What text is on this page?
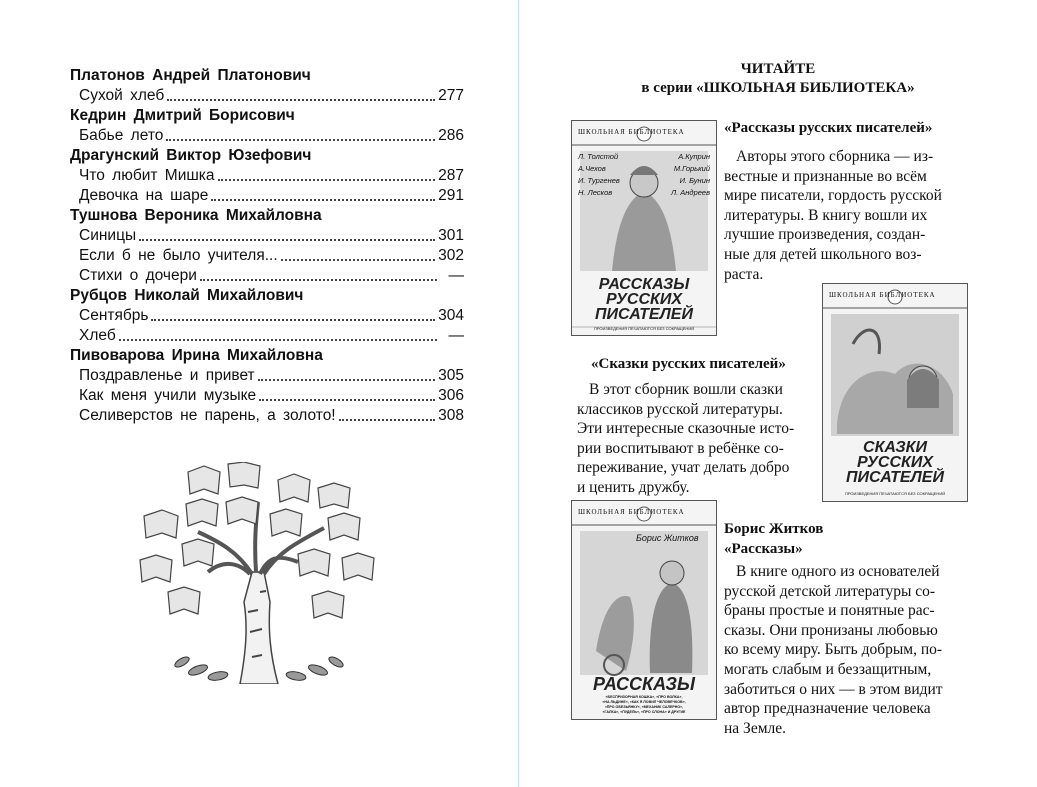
Платонов Андрей Платонович
Сухой хлеб	277
Кедрин Дмитрий Борисович
Бабье лето	286
Драгунский Виктор Юзефович
Что любит Мишка	287
Девочка на шаре	291
Тушнова Вероника Михайловна
Синицы	301
Если б не было учителя...	302
Стихи о дочери	—
Рубцов Николай Михайлович
Сентябрь	304
Хлеб	—
Пивоварова Ирина Михайловна
Поздравленье и привет	305
Как меня учили музыке	306
Селиверстов не парень, а золото!	308
ЧИТАЙТЕ
в серии «ШКОЛЬНАЯ БИБЛИОТЕКА»
ШКОЛЬНАЯ БИБЛИОТЕКА
Л. Толстой
А.Чехов
И. Тургенев
Н. Лесков
А.Куприн
М.Горький
И. Бунин
Л. Андреев
РАССКАЗЫ
РУССКИХ
ПИСАТЕЛЕЙ
ПРОИЗВЕДЕНИЯ ПЕЧАТАЮТСЯ БЕЗ СОКРАЩЕНИЙ
«Рассказы русских писателей»
Авторы этого сборника — из-
вестные и признанные во всём
мире писатели, гордость русской
литературы. В книгу вошли их
лучшие произведения, создан-
ные для детей школьного воз-
раста.
ШКОЛЬНАЯ БИБЛИОТЕКА
СКАЗКИ
РУССКИХ
ПИСАТЕЛЕЙ
ПРОИЗВЕДЕНИЯ ПЕЧАТАЮТСЯ БЕЗ СОКРАЩЕНИЙ
«Сказки русских писателей»
В этот сборник вошли сказки
классиков русской литературы.
Эти интересные сказочные исто-
рии воспитывают в ребёнке со-
переживание, учат делать добро
и ценить дружбу.
ШКОЛЬНАЯ БИБЛИОТЕКА
Борис Житков
РАССКАЗЫ
«БЕСПРИЗОРНАЯ КОШКА», «ПРО ВОЛКА»,
«НА ЛЬДИНЕ», «КАК Я ЛОВИЛ ЧЕЛОВЕЧКОВ»,
«ПРО ОБЕЗЬЯНКУ», «МЕХАНИК САЛЕРНО»,
«ГАЛКА», «ПУДЕЛЬ», «ПРО СЛОНА» И ДРУГИЕ
Борис Житков
«Рассказы»
В книге одного из основателей
русской детской литературы со-
браны простые и понятные рас-
сказы. Они пронизаны любовью
ко всему миру. Быть добрым, по-
могать слабым и беззащитным,
заботиться о них — в этом видит
автор предназначение человека
на Земле.
